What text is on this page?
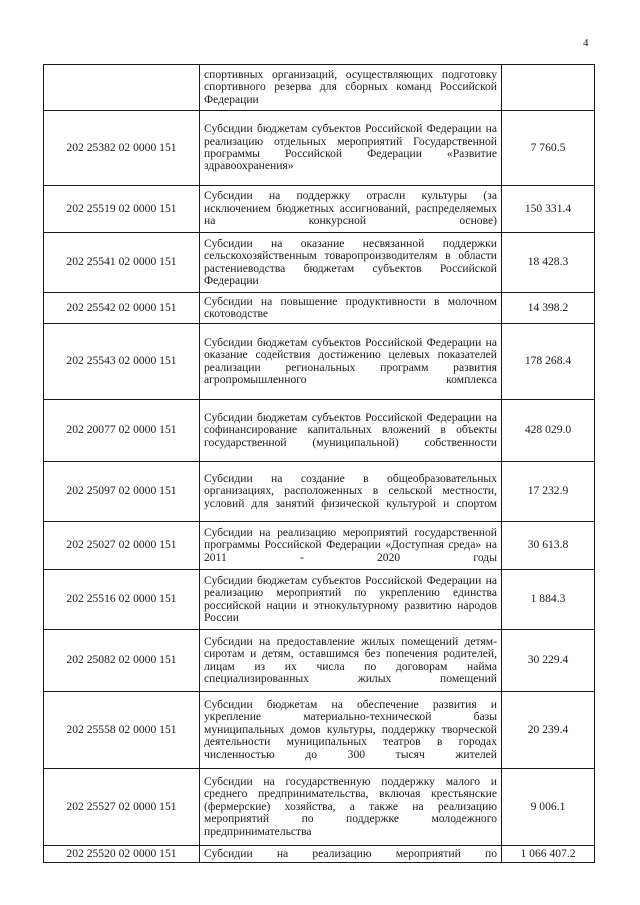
4

	спортивных организаций, осуществляющих подготовку спортивного резерва для сборных команд Российской Федерации	

202 25382 02 0000 151	Субсидии бюджетам субъектов Российской Федерации на реализацию отдельных мероприятий Государственной программы Российской Федерации «Развитие здравоохранения»	7 760.5
202 25519 02 0000 151	Субсидии на поддержку отрасли культуры (за исключением бюджетных ассигнований, распределяемых на конкурсной основе)	150 331.4
202 25541 02 0000 151	Субсидии на оказание несвязанной поддержки сельскохозяйственным товаропроизводителям в области растениеводства бюджетам субъектов Российской Федерации	18 428.3
202 25542 02 0000 151	Субсидии на повышение продуктивности в молочном скотоводстве	14 398.2
202 25543 02 0000 151	Субсидии бюджетам субъектов Российской Федерации на оказание содействия достижению целевых показателей реализации региональных программ развития агропромышленного комплекса	178 268.4
202 20077 02 0000 151	Субсидии бюджетам субъектов Российской Федерации на софинансирование капитальных вложений в объекты государственной (муниципальной) собственности	428 029.0
202 25097 02 0000 151	Субсидии на создание в общеобразовательных организациях, расположенных в сельской местности, условий для занятий физической культурой и спортом	17 232.9
202 25027 02 0000 151	Субсидии на реализацию мероприятий государственной программы Российской Федерации «Доступная среда» на 2011 - 2020 годы	30 613.8
202 25516 02 0000 151	Субсидии бюджетам субъектов Российской Федерации на реализацию мероприятий по укреплению единства российской нации и этнокультурному развитию народов России	1 884.3
202 25082 02 0000 151	Субсидии на предоставление жилых помещений детям-сиротам и детям, оставшимся без попечения родителей, лицам из их числа по договорам найма специализированных жилых помещений	30 229.4
202 25558 02 0000 151	Субсидии бюджетам на обеспечение развития и укрепление материально-технической базы муниципальных домов культуры, поддержку творческой деятельности муниципальных театров в городах численностью до 300 тысяч жителей	20 239.4
202 25527 02 0000 151	Субсидии на государственную поддержку малого и среднего предпринимательства, включая крестьянские (фермерские) хозяйства, а также на реализацию мероприятий по поддержке молодежного предпринимательства	9 006.1
202 25520 02 0000 151	Субсидии на реализацию мероприятий по	1 066 407.2
